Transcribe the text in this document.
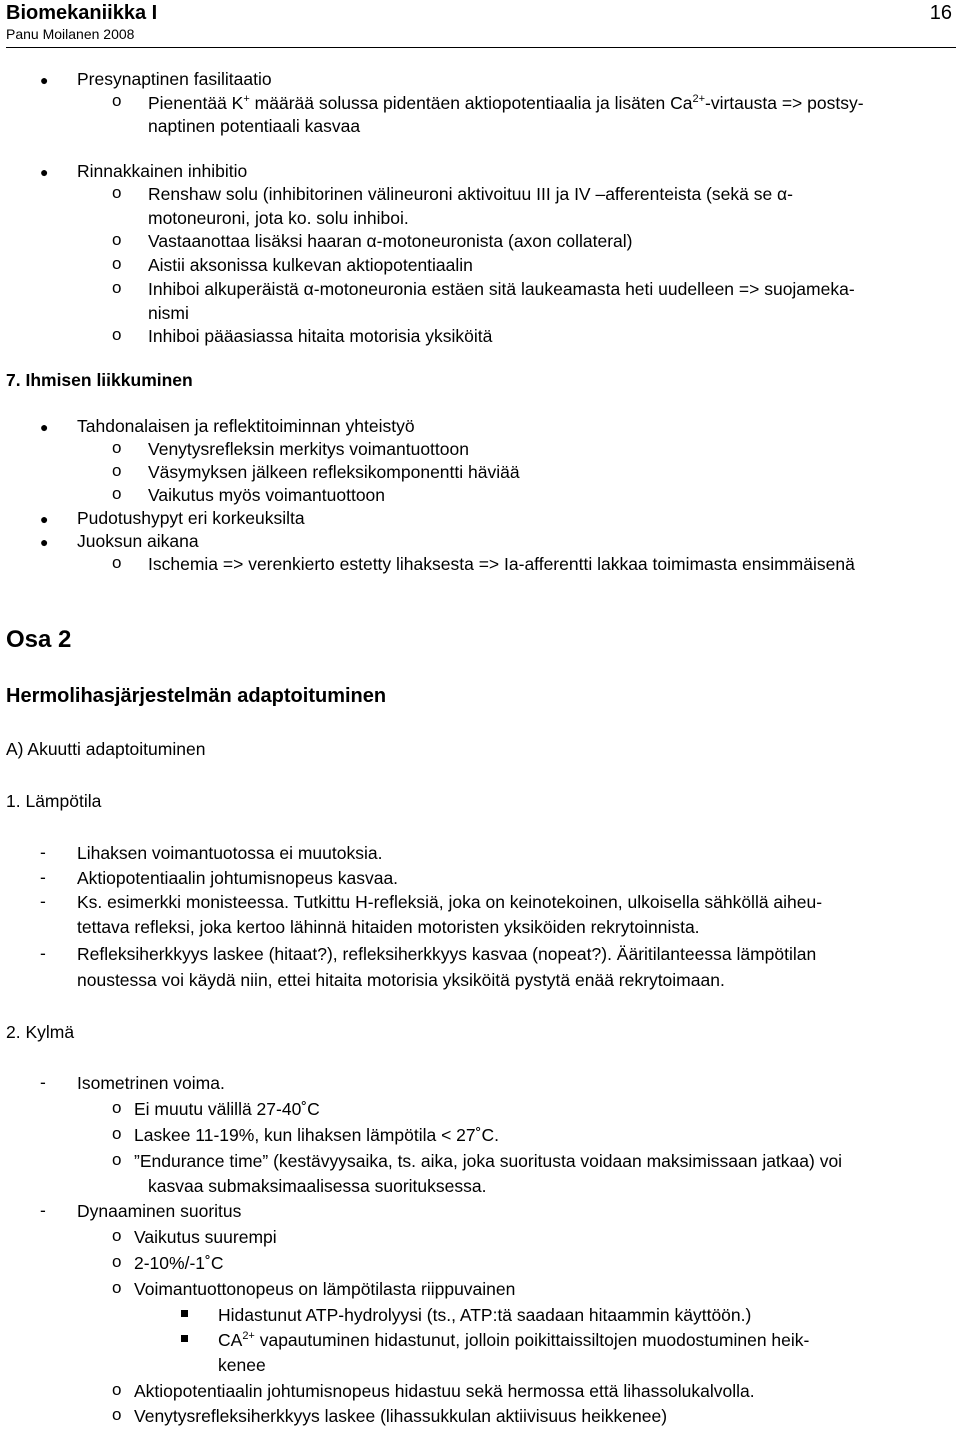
Biomekaniikka I
Panu Moilanen 2008
16
● Presynaptinen fasilitaatio
o Pienentää K+ määrää solussa pidentäen aktiopotentiaalia ja lisäten $Ca^{2+}$-virtausta => postsy-
naptinen potentiaali kasvaa
● Rinnakkainen inhibitio
o Renshaw solu (inhibitorinen välineuroni aktivoituu III ja IV –afferenteista (sekä se α-
motoneuroni, jota ko. solu inhiboi.
o Vastaanottaa lisäksi haaran α-motoneuronista (axon collateral)
o Aistii aksonissa kulkevan aktiopotentiaalin
o Inhiboi alkuperäistä α-motoneuronia estäen sitä laukeamasta heti uudelleen => suojameka-
nismi
o Inhiboi pääasiassa hitaita motorisia yksiköitä
7. Ihmisen liikkuminen
● Tahdonalaisen ja reflektitoiminnan yhteistyö
o Venytysrefleksin merkitys voimantuottoon
o Väsymyksen jälkeen refleksikomponentti häviää
o Vaikutus myös voimantuottoon
● Pudotushypyt eri korkeuksilta
● Juoksun aikana
o Ischemia => verenkierto estetty lihaksesta => Ia-afferentti lakkaa toimimasta ensimmäisenä
Osa 2
Hermolihasjärjestelmän adaptoituminen
A) Akuutti adaptoituminen
1. Lämpötila
- Lihaksen voimantuotossa ei muutoksia.
- Aktiopotentiaalin johtumisnopeus kasvaa.
- Ks. esimerkki monisteessa. Tutkittu H-refleksiä, joka on keinotekoinen, ulkoisella sähköllä aiheu-
tettava refleksi, joka kertoo lähinnä hitaiden motoristen yksiköiden rekrytoinnista.
- Refleksiherkkyys laskee (hitaat?), refleksiherkkyys kasvaa (nopeat?). Ääritilanteessa lämpötilan
noustessa voi käydä niin, ettei hitaita motorisia yksiköitä pystytä enää rekrytoimaan.
2. Kylmä
- Isometrinen voima.
o Ei muutu välillä 27-40˚C
o Laskee 11-19%, kun lihaksen lämpötila < 27˚C.
o ”Endurance time” (kestävyysaika, ts. aika, joka suoritusta voidaan maksimissaan jatkaa) voi
kasvaa submaksimaalisessa suorituksessa.
- Dynaaminen suoritus
o Vaikutus suurempi
o 2-10%/-1˚C
o Voimantuottonopeus on lämpötilasta riippuvainen
Hidastunut ATP-hydrolyysi (ts., ATP:tä saadaan hitaammin käyttöön.)
$CA^{2+}$ vapautuminen hidastunut, jolloin poikittaissiltojen muodostuminen heik-
kenee
o Aktiopotentiaalin johtumisnopeus hidastuu sekä hermossa että lihassolukalvolla.
o Venytysrefleksiherkkyys laskee (lihassukkulan aktiivisuus heikkenee)
